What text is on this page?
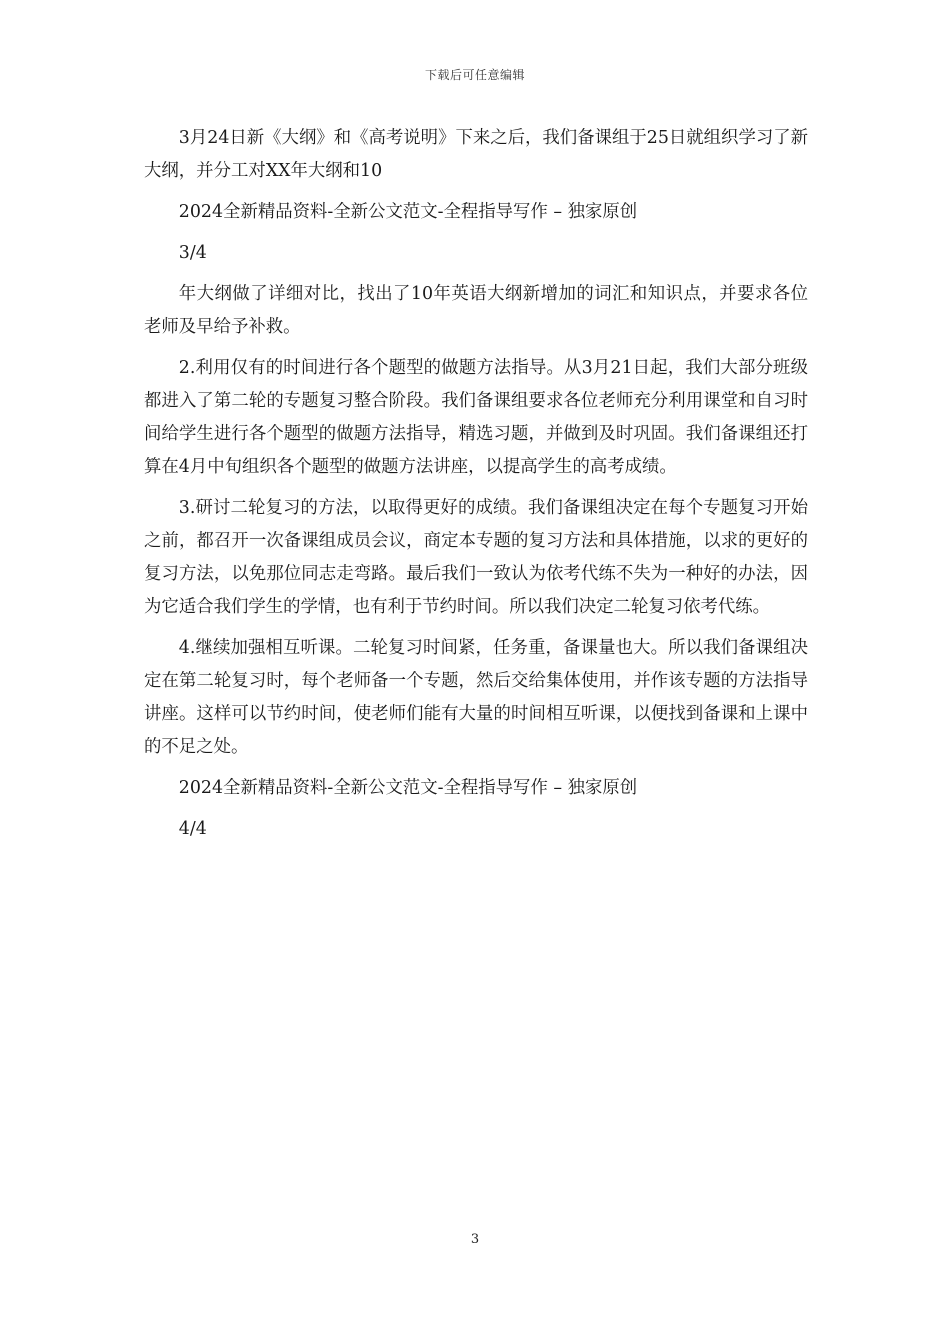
下载后可任意编辑

3月24日新《大纲》和《高考说明》下来之后，我们备课组于25日就组织学习了新大纲，并分工对XX年大纲和10

2024全新精品资料-全新公文范文-全程指导写作 – 独家原创

3/4

年大纲做了详细对比，找出了10年英语大纲新增加的词汇和知识点，并要求各位老师及早给予补救。

2.利用仅有的时间进行各个题型的做题方法指导。从3月21日起，我们大部分班级都进入了第二轮的专题复习整合阶段。我们备课组要求各位老师充分利用课堂和自习时间给学生进行各个题型的做题方法指导，精选习题，并做到及时巩固。我们备课组还打算在4月中旬组织各个题型的做题方法讲座，以提高学生的高考成绩。

3.研讨二轮复习的方法，以取得更好的成绩。我们备课组决定在每个专题复习开始之前，都召开一次备课组成员会议，商定本专题的复习方法和具体措施，以求的更好的复习方法，以免那位同志走弯路。最后我们一致认为依考代练不失为一种好的办法，因为它适合我们学生的学情，也有利于节约时间。所以我们决定二轮复习依考代练。

4.继续加强相互听课。二轮复习时间紧，任务重，备课量也大。所以我们备课组决定在第二轮复习时，每个老师备一个专题，然后交给集体使用，并作该专题的方法指导讲座。这样可以节约时间，使老师们能有大量的时间相互听课，以便找到备课和上课中的不足之处。

2024全新精品资料-全新公文范文-全程指导写作 – 独家原创

4/4

3
